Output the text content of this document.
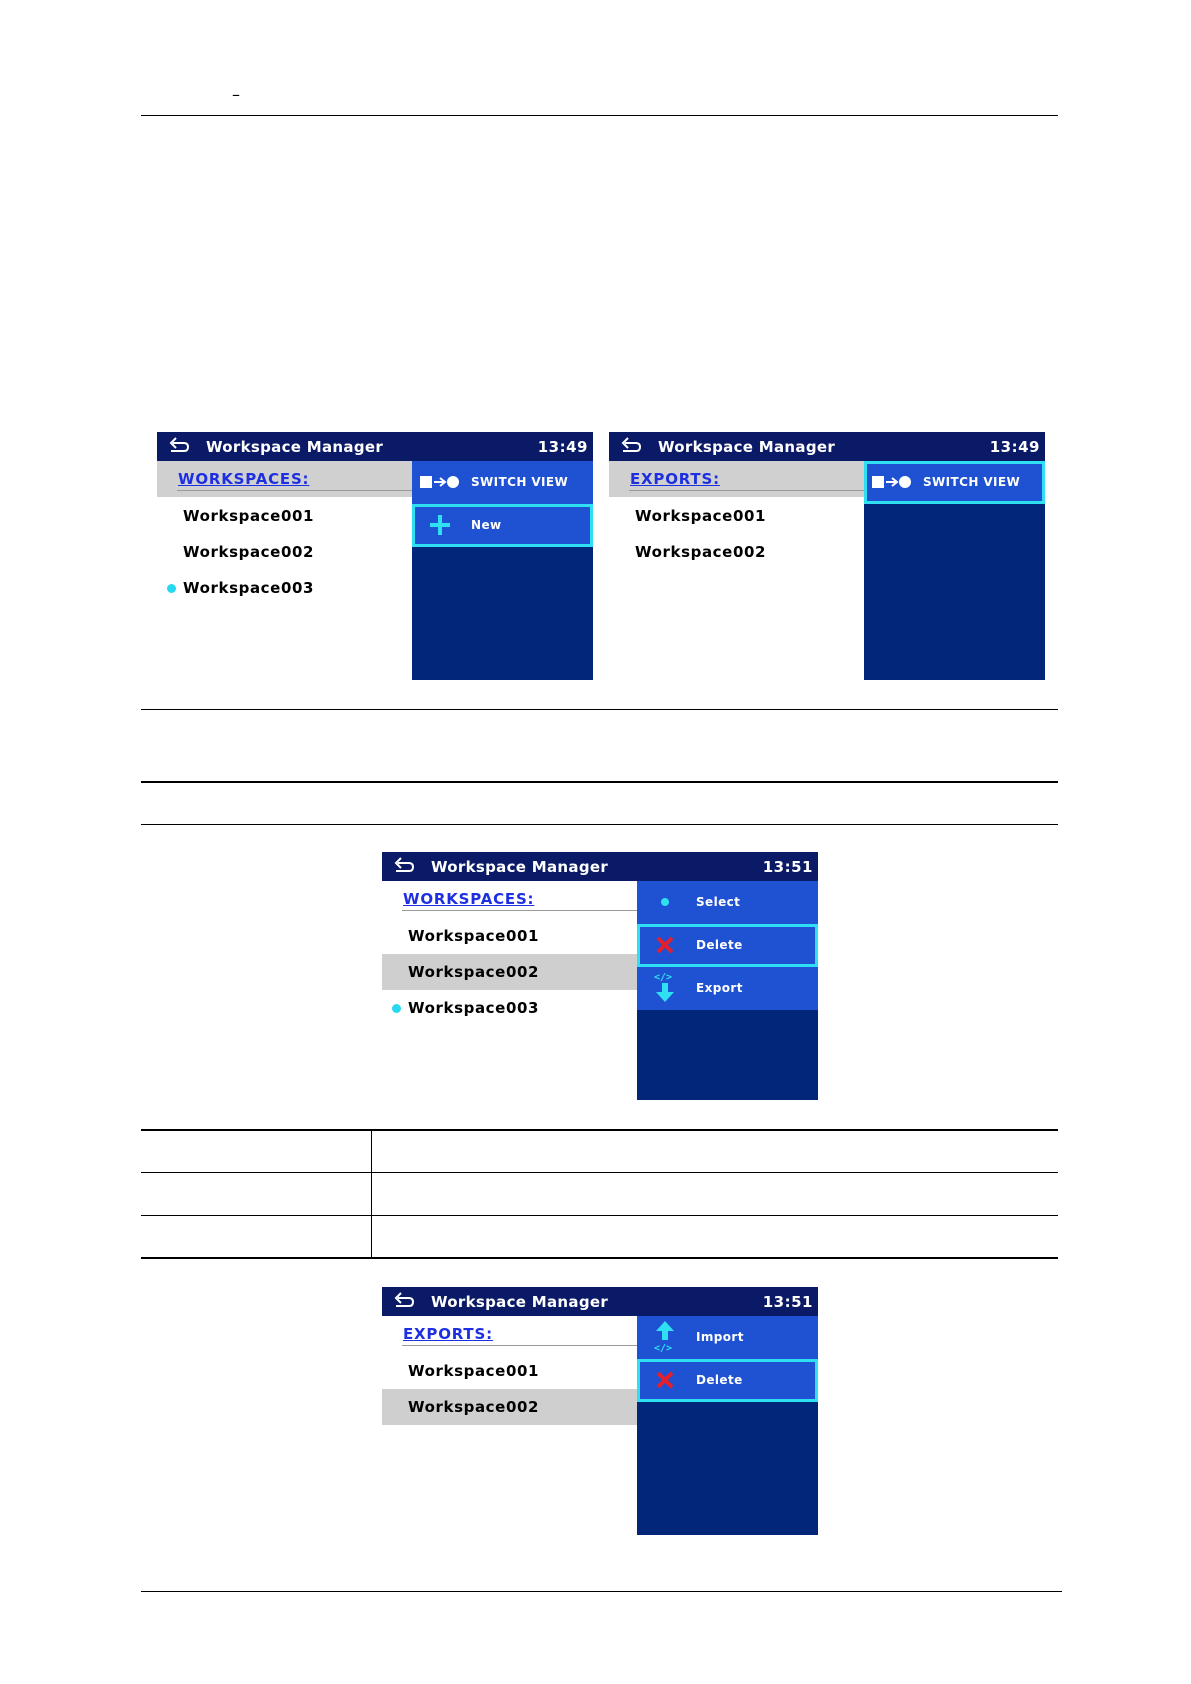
–
Workspace Manager	13:49
WORKSPACES:
Workspace001
Workspace002
Workspace003
SWITCH VIEW
New
Workspace Manager	13:49
EXPORTS:
Workspace001
Workspace002
SWITCH VIEW
Workspace Manager	13:51
WORKSPACES:
Workspace001
Workspace002
Workspace003
Select
Delete
</>
Export
Workspace Manager	13:51
EXPORTS:
Workspace001
Workspace002
</>
Import
Delete
